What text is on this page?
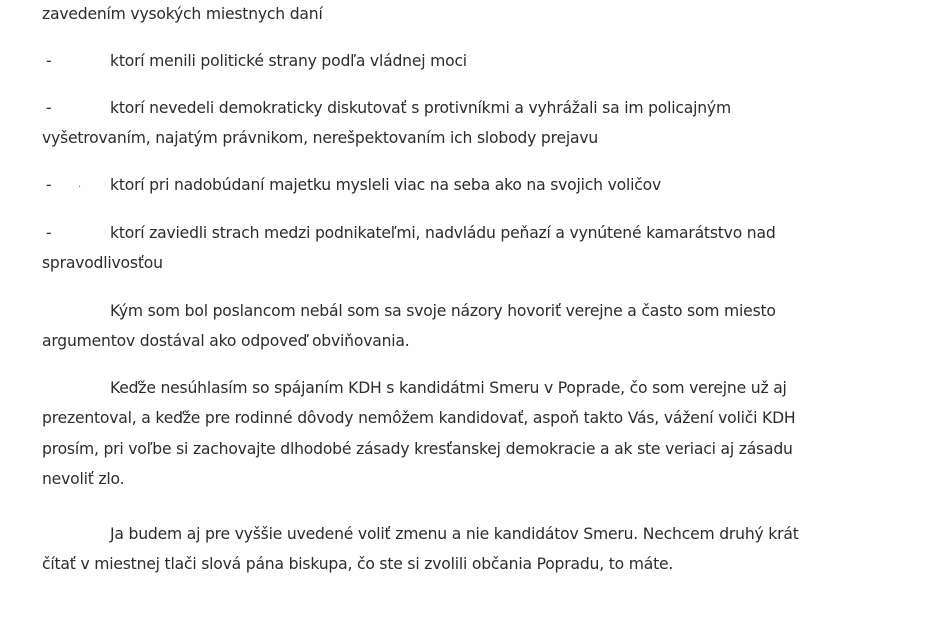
zavedením vysokých miestnych daní
-	ktorí menili politické strany podľa vládnej moci
-	ktorí nevedeli demokraticky diskutovať s protivníkmi a vyhrážali sa im policajným
vyšetrovaním, najatým právnikom, nerešpektovaním ich slobody prejavu
-	. ktorí pri nadobúdaní majetku mysleli viac na seba ako na svojich voličov
-	ktorí zaviedli strach medzi podnikateľmi, nadvládu peňazí a vynútené kamarátstvo nad
spravodlivosťou
Kým som bol poslancom nebál som sa svoje názory hovoriť verejne a často som miesto
argumentov dostával ako odpoveď obviňovania.
Keďže nesúhlasím so spájaním KDH s kandidátmi Smeru v Poprade, čo som verejne už aj
prezentoval, a keďže pre rodinné dôvody nemôžem kandidovať, aspoň takto Vás, vážení voliči KDH
prosím, pri voľbe si zachovajte dlhodobé zásady kresťanskej demokracie a ak ste veriaci aj zásadu
nevoliť zlo.
Ja budem aj pre vyššie uvedené voliť zmenu a nie kandidátov Smeru. Nechcem druhý krát
čítať v miestnej tlači slová pána biskupa, čo ste si zvolili občania Popradu, to máte.
